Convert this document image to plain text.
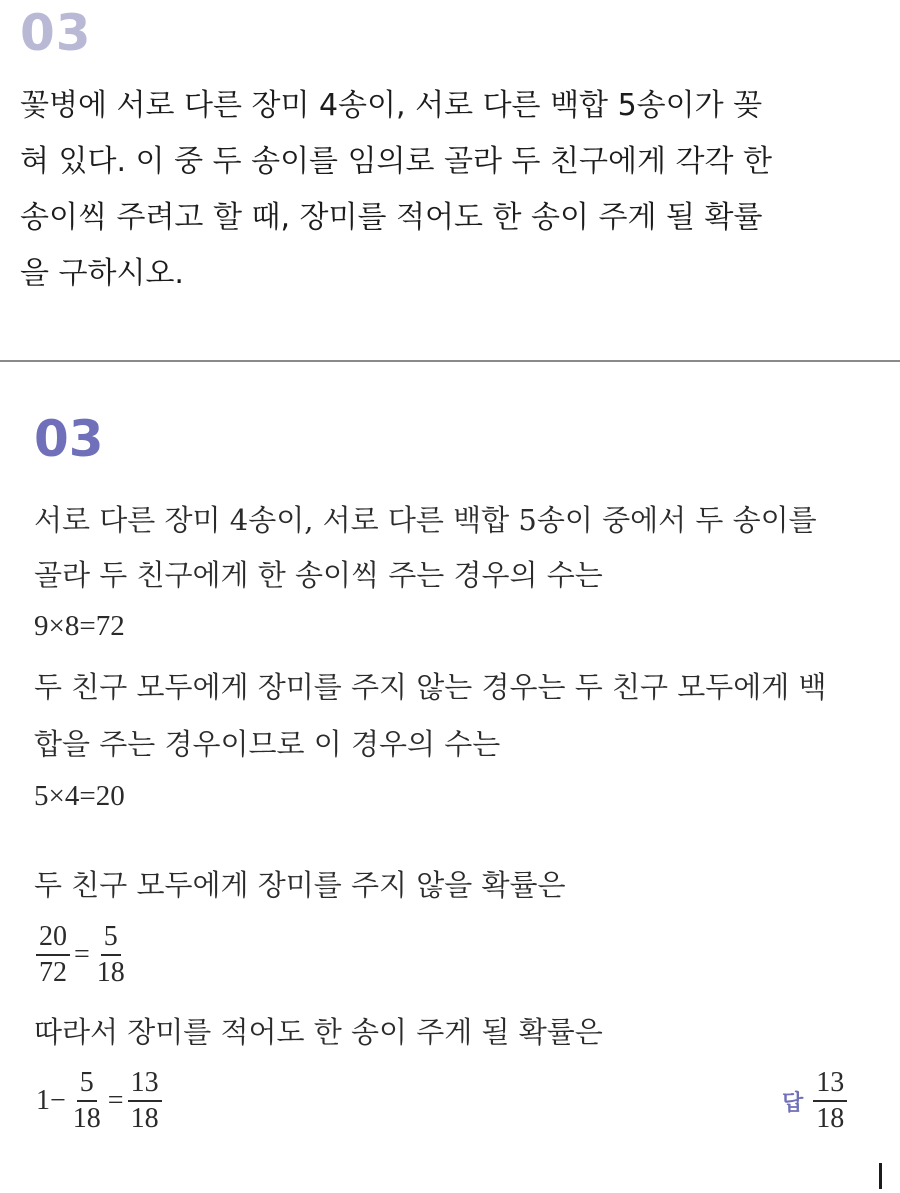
03
꽃병에 서로 다른 장미 4송이, 서로 다른 백합 5송이가 꽂
혀 있다. 이 중 두 송이를 임의로 골라 두 친구에게 각각 한
송이씩 주려고 할 때, 장미를 적어도 한 송이 주게 될 확률
을 구하시오.
03
서로 다른 장미 4송이, 서로 다른 백합 5송이 중에서 두 송이를
골라 두 친구에게 한 송이씩 주는 경우의 수는
9×8=72
두 친구 모두에게 장미를 주지 않는 경우는 두 친구 모두에게 백
합을 주는 경우이므로 이 경우의 수는
5×4=20
두 친구 모두에게 장미를 주지 않을 확률은
$\frac{20}{72} = \frac{5}{18}$
따라서 장미를 적어도 한 송이 주게 될 확률은
$1- \frac{5}{18} = \frac{13}{18}$	답 $\frac{13}{18}$
